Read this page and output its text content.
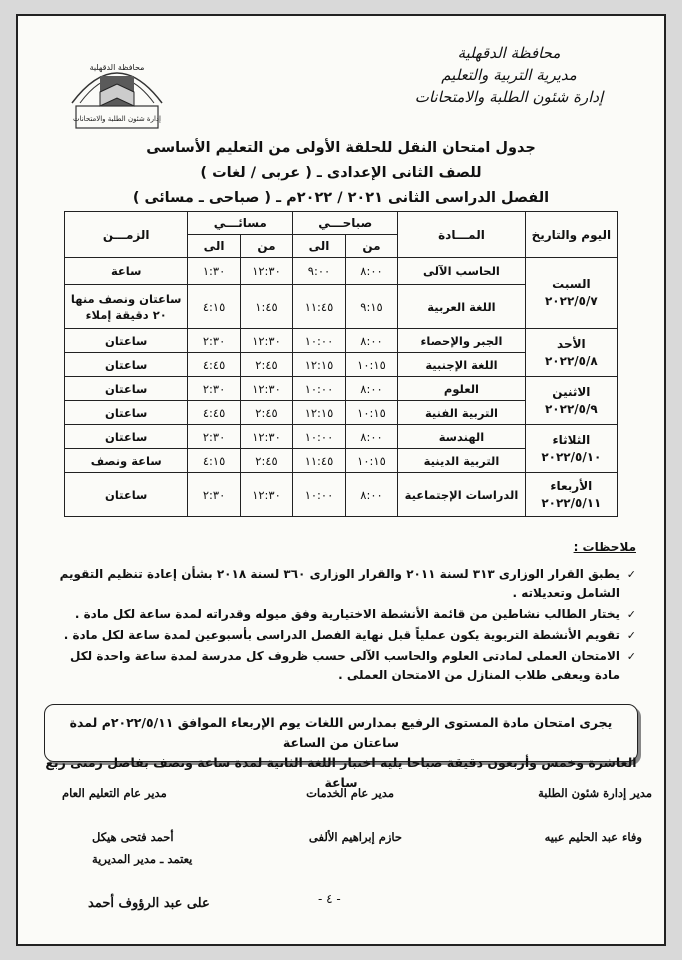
محافظة الدقهلية
مديرية التربية والتعليم
إدارة شئون الطلبة والامتحانات
محافظة الدقهلية
إدارة شئون الطلبة والامتحانات
جدول امتحان النقل للحلقة الأولى من التعليم الأساسى
للصف الثانى الإعدادى ـ ( عربى / لغات )
الفصل الدراسى الثانى ٢٠٢١ / ٢٠٢٢م ـ ( صباحى ـ مسائى )
اليوم والتاريخ	المـــادة	صباحـــي		مسائـــي		الزمـــن
		من	الى	من	الى	

السبت
٢٠٢٢/٥/٧	الحاسب الآلى	٨:٠٠	٩:٠٠	١٢:٣٠	١:٣٠	ساعة
	اللغة العربية	٩:١٥	١١:٤٥	١:٤٥	٤:١٥	ساعتان ونصف منها ٢٠ دقيقة إملاء

الأحد
٢٠٢٢/٥/٨	الجبر والإحصاء	٨:٠٠	١٠:٠٠	١٢:٣٠	٢:٣٠	ساعتان
	اللغة الإجنبية	١٠:١٥	١٢:١٥	٢:٤٥	٤:٤٥	ساعتان

الاثنين
٢٠٢٢/٥/٩	العلوم	٨:٠٠	١٠:٠٠	١٢:٣٠	٢:٣٠	ساعتان
	التربية الفنية	١٠:١٥	١٢:١٥	٢:٤٥	٤:٤٥	ساعتان

الثلاثاء
٢٠٢٢/٥/١٠	الهندسة	٨:٠٠	١٠:٠٠	١٢:٣٠	٢:٣٠	ساعتان
	التربية الدينية	١٠:١٥	١١:٤٥	٢:٤٥	٤:١٥	ساعة ونصف

الأربعاء
٢٠٢٢/٥/١١	الدراسات الإجتماعية	٨:٠٠	١٠:٠٠	١٢:٣٠	٢:٣٠	ساعتان
ملاحظات :
✓
يطبق القرار الوزارى ٣١٣ لسنة ٢٠١١ والقرار الوزارى ٣٦٠ لسنة ٢٠١٨ بشأن إعادة تنظيم التقويم الشامل وتعديلاته .
✓
يختار الطالب نشاطين من قائمة الأنشطة الاختيارية وفق ميوله وقدراته لمدة ساعة لكل مادة .
✓
تقويم الأنشطة التربوية يكون عملياً قبل نهاية الفصل الدراسى بأسبوعين لمدة ساعة لكل مادة .
✓
الامتحان العملى لمادتى العلوم والحاسب الآلى حسب ظروف كل مدرسة لمدة ساعة واحدة لكل مادة ويعفى طلاب المنازل من الامتحان العملى .
يجرى امتحان مادة المستوى الرفيع بمدارس اللغات يوم الإربعاء الموافق ٢٠٢٢/٥/١١م لمدة ساعتان من الساعة
العاشرة وخمس وأربعون دقيقة صباحا يليه اختبار اللغة الثانية لمدة ساعة ونصف بفاصل زمنى ربع ساعة
مدير إدارة شئون الطلبة
مدير عام الخدمات
مدير عام التعليم العام
وفاء عبد الحليم عبيه
حازم إبراهيم الألفى
أحمد فتحى هيكل
يعتمد ـ مدير المديرية
على عبد الرؤوف أحمد	- ٤ -
